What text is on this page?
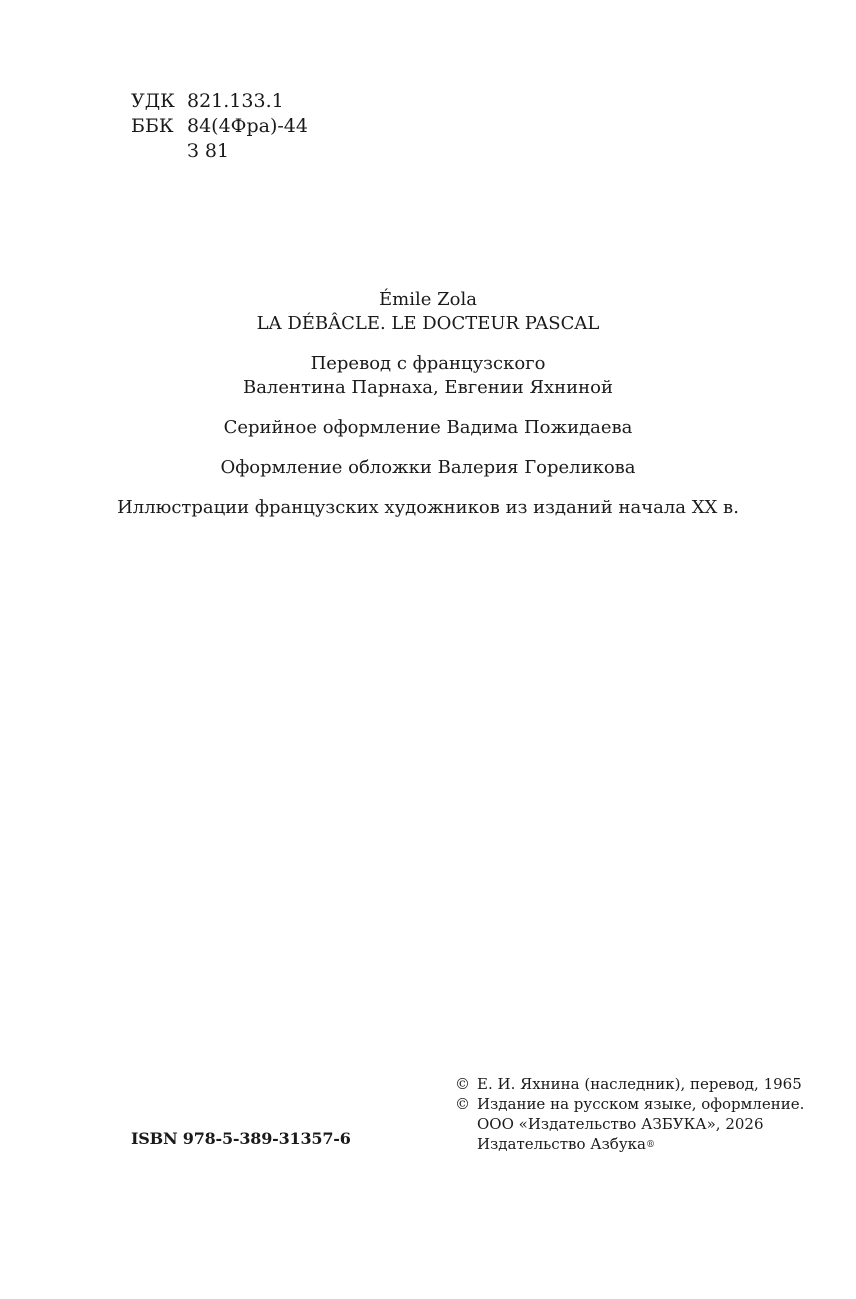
УДК 821.133.1
ББК 84(4Фра)-44
З 81

Émile Zola

LA DÉBÂCLE. LE DOCTEUR PASCAL

Перевод с французского

Валентина Парнаха, Евгении Яхниной

Серийное оформление Вадима Пожидаева

Оформление обложки Валерия Гореликова

Иллюстрации французских художников из изданий начала XX в.

ISBN 978-5-389-31357-6
© Е. И. Яхнина (наследник), перевод, 1965
© Издание на русском языке, оформление.
ООО «Издательство АЗБУКА», 2026
Издательство Азбука®
